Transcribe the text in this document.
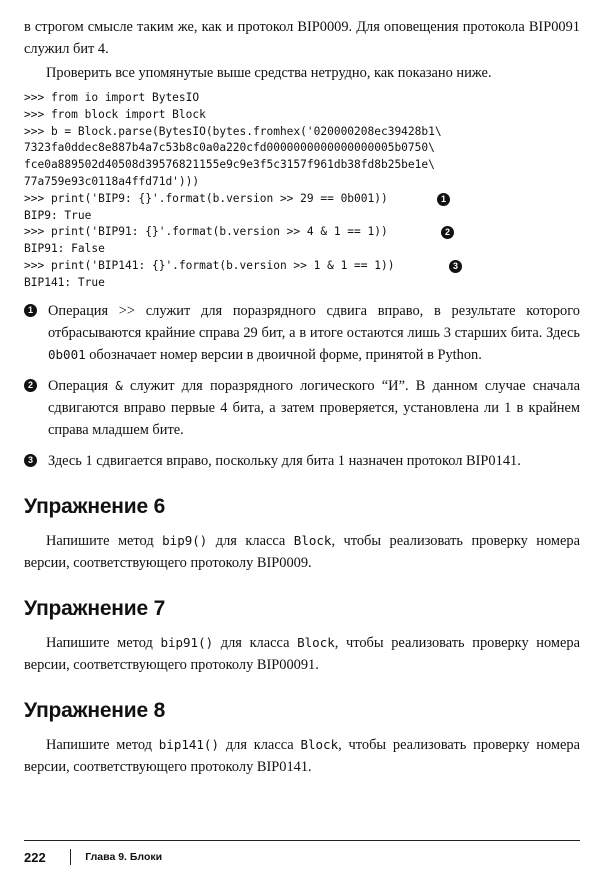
в строгом смысле таким же, как и протокол BIP0009. Для оповещения протокола BIP0091 служил бит 4.

Проверить все упомянутые выше средства нетрудно, как показано ниже.

>>> from io import BytesIO
>>> from block import Block
>>> b = Block.parse(BytesIO(bytes.fromhex('020000208ec39428b1\
7323fa0ddec8e887b4a7c53b8c0a0a220cfd0000000000000000005b0750\
fce0a889502d40508d39576821155e9c9e3f5c3157f961db38fd8b25be1e\
77a759e93c0118a4ffd71d')))
>>> print('BIP9: {}'.format(b.version >> 29 == 0b001))	1
BIP9: True
>>> print('BIP91: {}'.format(b.version >> 4 & 1 == 1))	2
BIP91: False
>>> print('BIP141: {}'.format(b.version >> 1 & 1 == 1))	3
BIP141: True
1 Операция >> служит для поразрядного сдвига вправо, в результате которого отбрасываются крайние справа 29 бит, а в итоге остаются лишь 3 старших бита. Здесь 0b001 обозначает номер версии в двоичной форме, принятой в Python.

2 Операция & служит для поразрядного логического “И”. В данном случае сначала сдвигаются вправо первые 4 бита, а затем проверяется, установлена ли 1 в крайнем справа младшем бите.

3 Здесь 1 сдвигается вправо, поскольку для бита 1 назначен протокол BIP0141.

Упражнение 6

Напишите метод bip9() для класса Block, чтобы реализовать проверку номера версии, соответствующего протоколу BIP0009.

Упражнение 7

Напишите метод bip91() для класса Block, чтобы реализовать проверку номера версии, соответствующего протоколу BIP00091.

Упражнение 8

Напишите метод bip141() для класса Block, чтобы реализовать проверку номера версии, соответствующего протоколу BIP0141.

222	Глава 9. Блоки
